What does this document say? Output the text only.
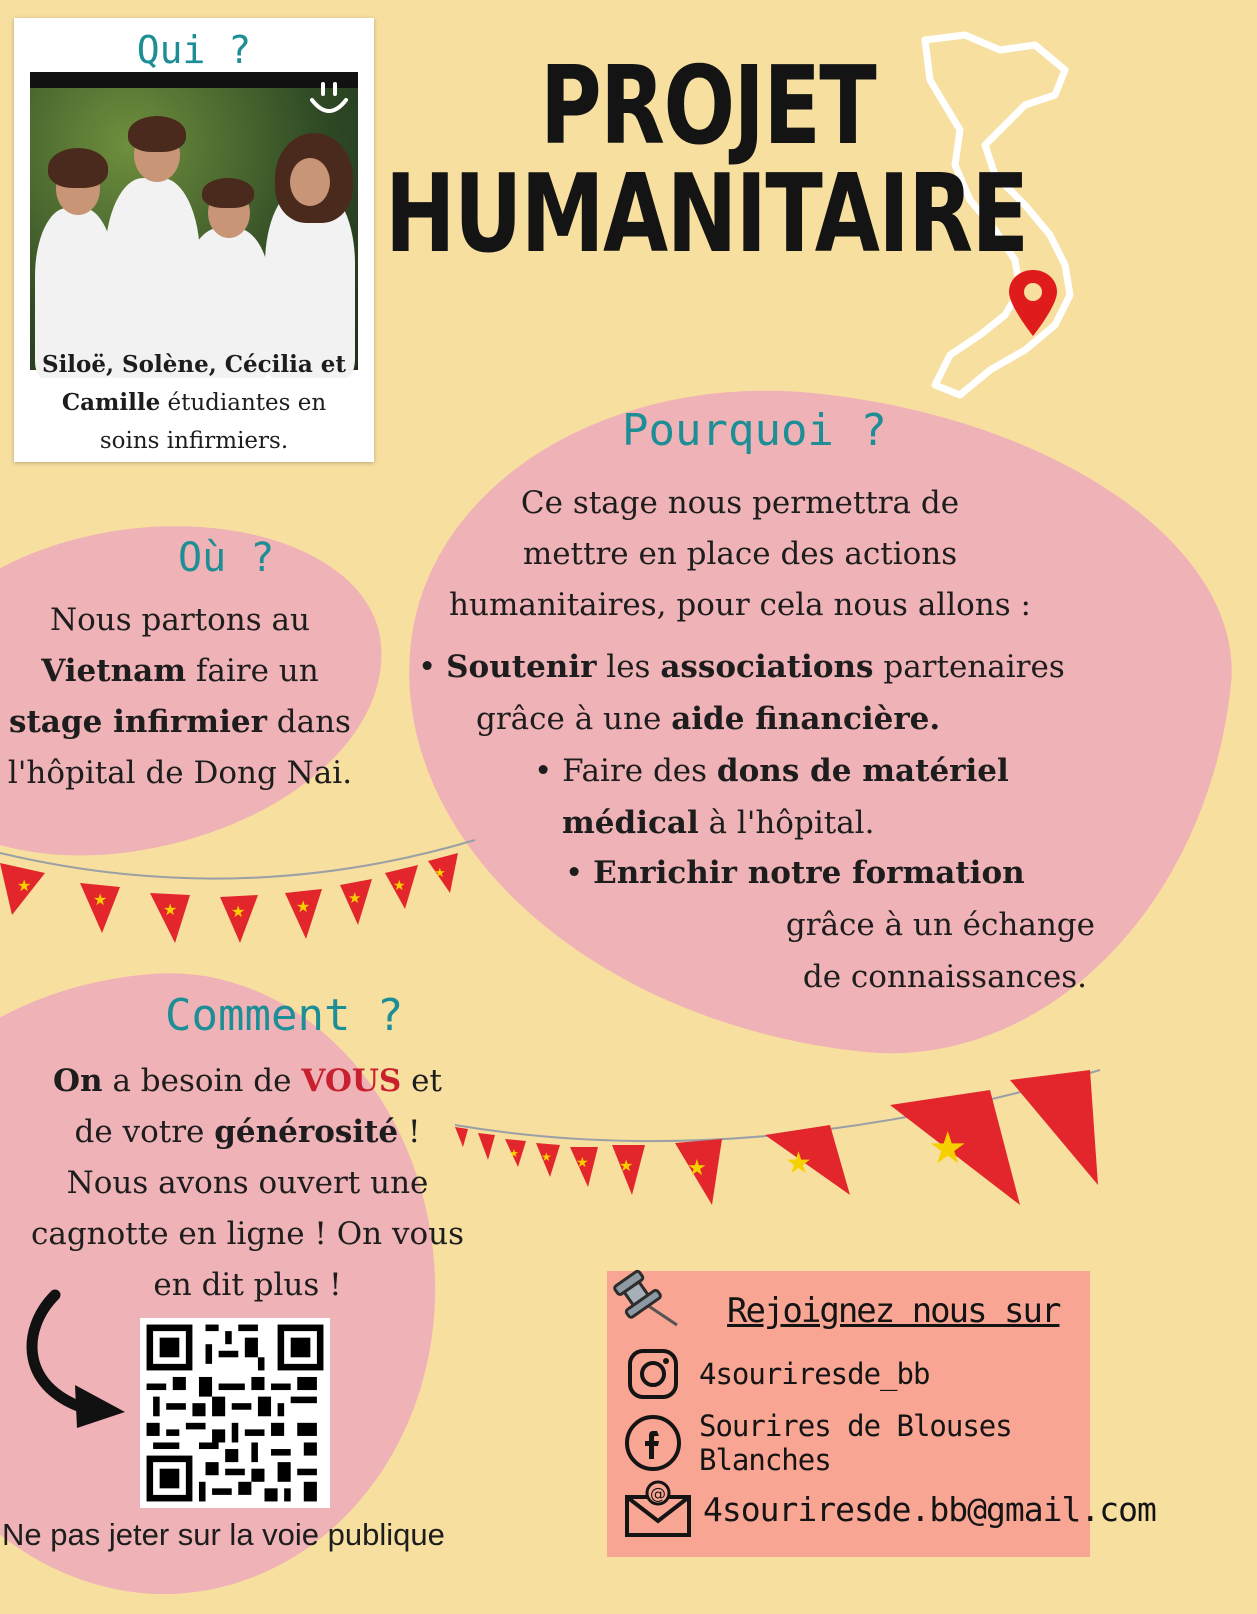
PROJET
HUMANITAIRE
Qui ?
Siloë, Solène, Cécilia et
Camille étudiantes en
soins infirmiers.
Où ?
Nous partons au
Vietnam faire un
stage infirmier dans
l'hôpital de Dong Nai.
Pourquoi ?
Ce stage nous permettra de
mettre en place des actions
humanitaires, pour cela nous allons :
• Soutenir les associations partenaires
grâce à une aide financière.
• Faire des dons de matériel
médical à l'hôpital.
• Enrichir notre formation
grâce à un échange
de connaissances.
★
★
★	★	★	★
★
★
★ ★ ★ ★ ★	★	★
Comment ?
On a besoin de VOUS et
de votre générosité !
Nous avons ouvert une
cagnotte en ligne ! On vous
en dit plus !
Rejoignez nous sur
4souriresde_bb
Sourires de Blouses Blanches
@ 4souriresde.bb@gmail.com
Ne pas jeter sur la voie publique
